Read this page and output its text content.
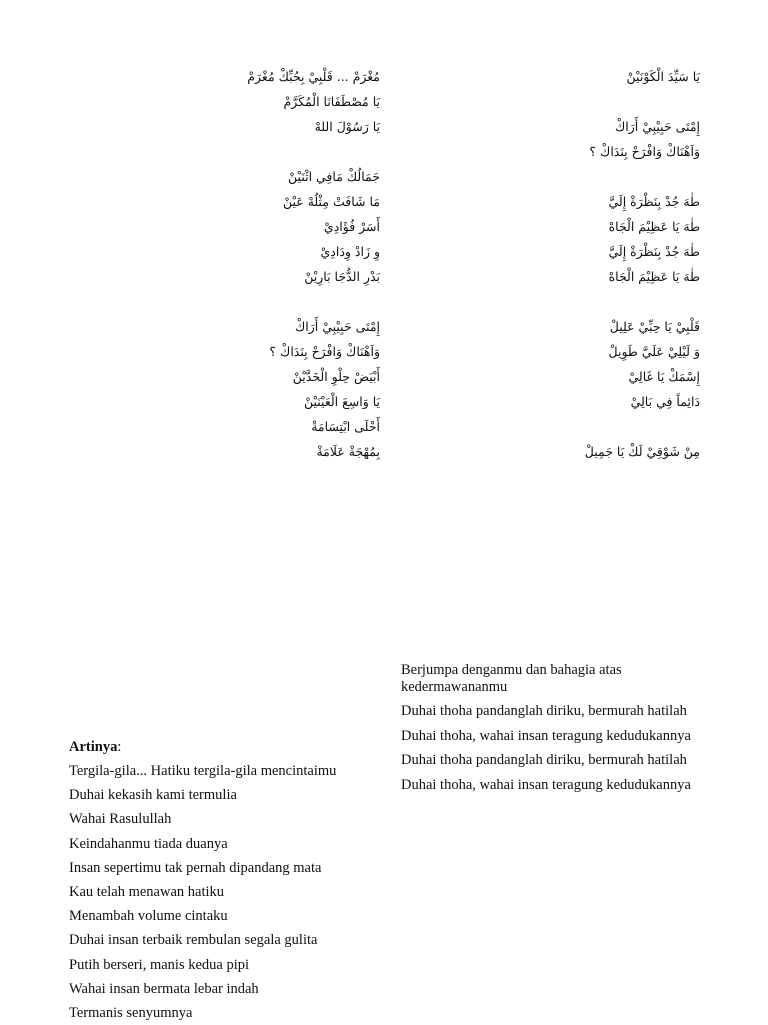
مُغْرَمْ ... قَلْبِيْ بِحُبِّكْ مُغْرَمْ
يَا مُصْطَفَانَا الْمُكَرَّمْ
يَا رَسُوْلَ اللهْ
جَمَالُكْ مَافِي اثْنَيْنْ
مَا شَافَتْ مِثْلُهْ عَيْنْ
أَسَرْ فُؤَادِيْ
وِ زَادْ وِدَادِيْ
بَدْرِ الدُّجَا بَارِيْنْ
إِمْتَى حَبِيْبِيْ أَرَاكْ
وَاَهْنَاكْ وَافْرَحْ بِنَدَاكْ ؟
أَبْيَضْ حِلْوِ الْخَدَّيْنْ
يَا وَاسِعَ الْعَيْنَيْنْ
أَحْلَى ابْتِسَامَةْ
بِمُهْجَةْ عَلَامَةْ
يَا سَيِّدَ الْكَوْنَيْنْ
إِمْتَى حَبِيْبِيْ أَرَاكْ
وَاَهْنَاكْ وَافْرَحْ بِنَدَاكْ ؟
طٰهَ جُدْ بِنَظْرَةْ إِلَيَّ
طٰهَ يَا عَظِيْمَ الْجَاهْ
طٰهَ جُدْ بِنَظْرَةْ إِلَيَّ
طٰهَ يَا عَظِيْمَ الْجَاهْ
قَلْبِيْ يَا حِبِّيْ عَلِيلْ
وَ لَيْلِيْ عَلَيَّ طَوِيلْ
إِسْمَكْ يَا غَالِيْ
دَائِماً فِي بَالِيْ
مِنْ شَوْقِيْ لَكْ يَا جَمِيلْ
Artinya:
Tergila-gila... Hatiku tergila-gila mencintaimu
Duhai kekasih kami termulia
Wahai Rasulullah
Keindahanmu tiada duanya
Insan sepertimu tak pernah dipandang mata
Kau telah menawan hatiku
Menambah volume cintaku
Duhai insan terbaik rembulan segala gulita
Putih berseri, manis kedua pipi
Wahai insan bermata lebar indah
Termanis senyumnya
Berjumpa denganmu dan bahagia atas kedermawananmu
Duhai thoha pandanglah diriku, bermurah hatilah
Duhai thoha, wahai insan teragung kedudukannya
Duhai thoha pandanglah diriku, bermurah hatilah
Duhai thoha, wahai insan teragung kedudukannya
